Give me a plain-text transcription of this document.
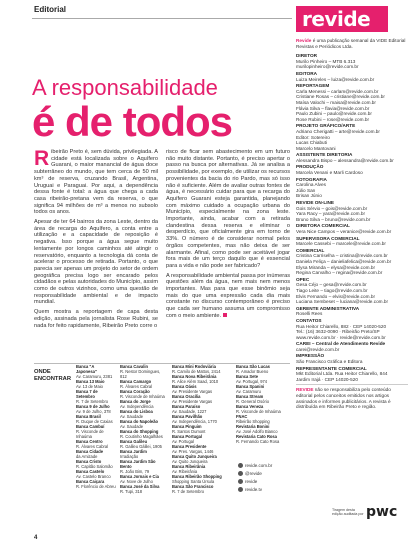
Editorial	revide
A responsabilidade
é de todos

Ribeirão Preto é, sem dúvida, privilegiada. A cidade está localizada sobre o Aquífero Guarani, o maior manancial de água doce subterrâneo do mundo, que tem cerca de 50 mil km³ de reserva, cruzando Brasil, Argentina, Uruguai e Paraguai. Por aqui, a dependência dessa fonte é total: a água que chega a cada casa ribeirão-pretana vem da reserva, o que significa 94 milhões de m³ a menos no subsolo todos os anos.

Apesar de ter 64 bairros da zona Leste, dentro da área de recarga do Aquífero, a conta entre a utilização e a capacidade de reposição é negativa. Isso porque a água segue muito lentamente por longos caminhos até atingir o reservatório, enquanto a tecnologia dá conta de acelerar o processo de retirada. Portanto, o que parecia ser apenas um projeto do setor de ordem geográfica precisa logo ser encarado pelos cidadãos e pelas autoridades do Município, assim como de outros vizinhos, como uma questão de responsabilidade ambiental e de impacto mundial.

Quem mostra a reportagem de capa desta edição, assinada pela jornalista Rose Rubini, se nada for feito rapidamente, Ribeirão Preto corre o

risco de ficar sem abastecimento em um futuro não muito distante. Portanto, é preciso apertar o passo na busca por alternativas. Já se analisa a possibilidade, por exemplo, de utilizar os recursos provenientes da bacia do rio Pardo, mas só isso não é suficiente. Além de avaliar outras fontes de água, é necessário cuidar para que a recarga do Aquífero Guarani esteja garantida, planejando com máximo cuidado a ocupação urbana do Município, especialmente na zona leste. Importante, ainda, acabar com a retirada clandestina dessa reserva e eliminar o desperdício, que oficialmente gira em torno de 33%. O número é de considerar normal pelos órgãos competentes, mas não deixa de ser alarmante. Afinal, como pode ser aceitável jogar fora mais de um terço daquilo que é essencial para a vida e não pode ser fabricado?

A responsabilidade ambiental passa por inúmeras questões além da água, nem mais nem menos importantes. Mas para que esse binômio seja mais do que uma expressão cada dia mais constante no discurso contemporâneo é preciso que cada ser humano assuma um compromisso com o meio ambiente.

ONDE ENCONTRAR
Banca "A Japonesa"
Av. Caramuru, 2381
Banca 13 Maio
Av. 13 de Maio
Banca 7 de Setembro
R. 7 de Setembro
Banca 9 de Julho
Av. 9 de Julho, 378
Banca Brasil
R. Duque de Caxias
Banca Cambuí
R. Visconde de Inhaúma
Banca Centro
R. Álvares Cabral
Banca Cidade
da Amizade
Banca Cristo
R. Capitão Salomão
Banca Castelo
Av. Castelo Branco
Banca Caiçara
R. Florêncio de Abreu
Banca Cavalin
R. Nestor Domingues, 812
Banca Camargo
R. Álvares Cabral
Banca Coração
R. Visconde de Inhaúma
Banca do Jorge
Av. Independência
Banca do Lisboa
Av. Saudade
Banca do Napoleão
Av. Saudade
Banca do Shopping
R. Coutinho Magalhães
Banca Galileu
R. Galileu Gálilei, 1905
Banca Jardim
Irradiação
Banca Jardim São Bento
R. João Bim, 79
Banca Jornais e Cia
Av. Nove de Julho
Banca José da Silva
R. Tupi, 318
Banca Mini Rodoviária
R. Camilo de Mattos, 2414
Banca Nova Ribeirânia
R. Alice Além Saad, 1010
Banca Oásis
Av. Presidente Vargas
Banca Oracília
Av. Presidente Vargas
Banca Paraíso
Av. Saudade, 1227
Banca Pavilhão
Av. Independência, 1770
Banca Pinguim
R. Santos Dumont
Banca Portugal
Av. Portugal
Banca Presidente
Av. Pres. Vargas, 1446
Banca Quito Junqueira
Av. Quito Junqueira
Banca Ribeirânia
Av. Ribeirânia
Banca Ribeirão Shopping
Shopping Santa Úrsula
Banca São Francisco
R. 7 de Setembro
Banca São Lucas
R. Amador Bueno
Banca Sete
Av. Portugal, 974
Banca Spanini
Av. Caramuru
Banca Stream
R. General Osório
Banca Veneza
R. Visconde de Inhaúma
FNAC
Ribeirão Shopping
Revistaria Bonini
Av. José Adolfo Bianco
Revistaria Cato Rosa
R. Fernando Cato Rosa
revide.com.br
@revide
revide
revide.tv
4
Revide é uma publicação semanal da VIDE Editorial Revistas e Periódicos Ltda.
DIRETOR
Murilo Pinheiro – MTB 6.313
murilopinheiro@revide.com.br
EDITORA
Luiza Meireles – luiza@revide.com.br
REPORTAGEM
Carla Menessi – carlam@revide.com.br
Cristiane Rosas – cristiane@revide.com.br
Maísa Valochi – maisa@revide.com.br
Flávia Silva – flavia@revide.com.br
Paulo Zubini – paulo@revide.com.br
Rose Rubini – rose@revide.com.br
PROJETO GRÁFICO/ARTE
Adriano Cherigatti – arte@revide.com.br
Editor: Sotereiro
Lucas Chiabuti
Marcelo Mantovani
ASSISTENTE DIRETORIA
Alessandra Bispo – alessandra@revide.com.br
PRODUÇÃO
Marcela Venani e Marli Cardoso
FOTOGRAFIA
Carolina Alves
Júlio San
Brisan Júnio
REVIDE ON-LINE
Gois Sérvio – gois@revide.com.br
Yara Racy – yara@revide.com.br
Bruno Silva – bruno@revide.com.br
DIRETORA COMERCIAL
Vera Nice Campos – veranice@revide.com.br
SUPERVISORA COMERCIAL
Marcele Cassebi – marcele@revide.com.br
COMERCIAL
Cristina Carriselha – cristina@revide.com.br
Daniela Feliça – danieliafelica@revide.com.br
Elysa Miranda – elysa@revide.com.br
Regina Carvalho – regina@revide.com.br
OPEC
Gesa Céjo – gesa@revide.com.br
Tiago Leite – tiago@revide.com.br
Elvis Fernando – elvis@revide.com.br
Luciana Sembeset – luciana@revide.com.br
GERENTE ADMINISTRATIVA
Roselli Rees
CONTATOS
Rua Heitor Chiarello, 882 · CEP 14020-520
Tel.: (16) 3632-0090 · Ribeirão Preto/SP
www.revide.com.br · revide@revide.com.br
CAREI – Central de Atendimento Revide
carei@revide.com.br
IMPRESSÃO
São Francisco Gráfica e Editora
REPRESENTANTE COMERCIAL
Mkt Editorial Ltda. Rua Heitor Chiarello, 844
Jardim Irajá · CEP 14020-520
REVIDE não se responsabiliza pelo conteúdo editorial pelos conceitos emitidos nos artigos assinados e informes publicitários. A revista é distribuída em Ribeirão Preto e região.
Tiragem desta edição auditada por pwc
